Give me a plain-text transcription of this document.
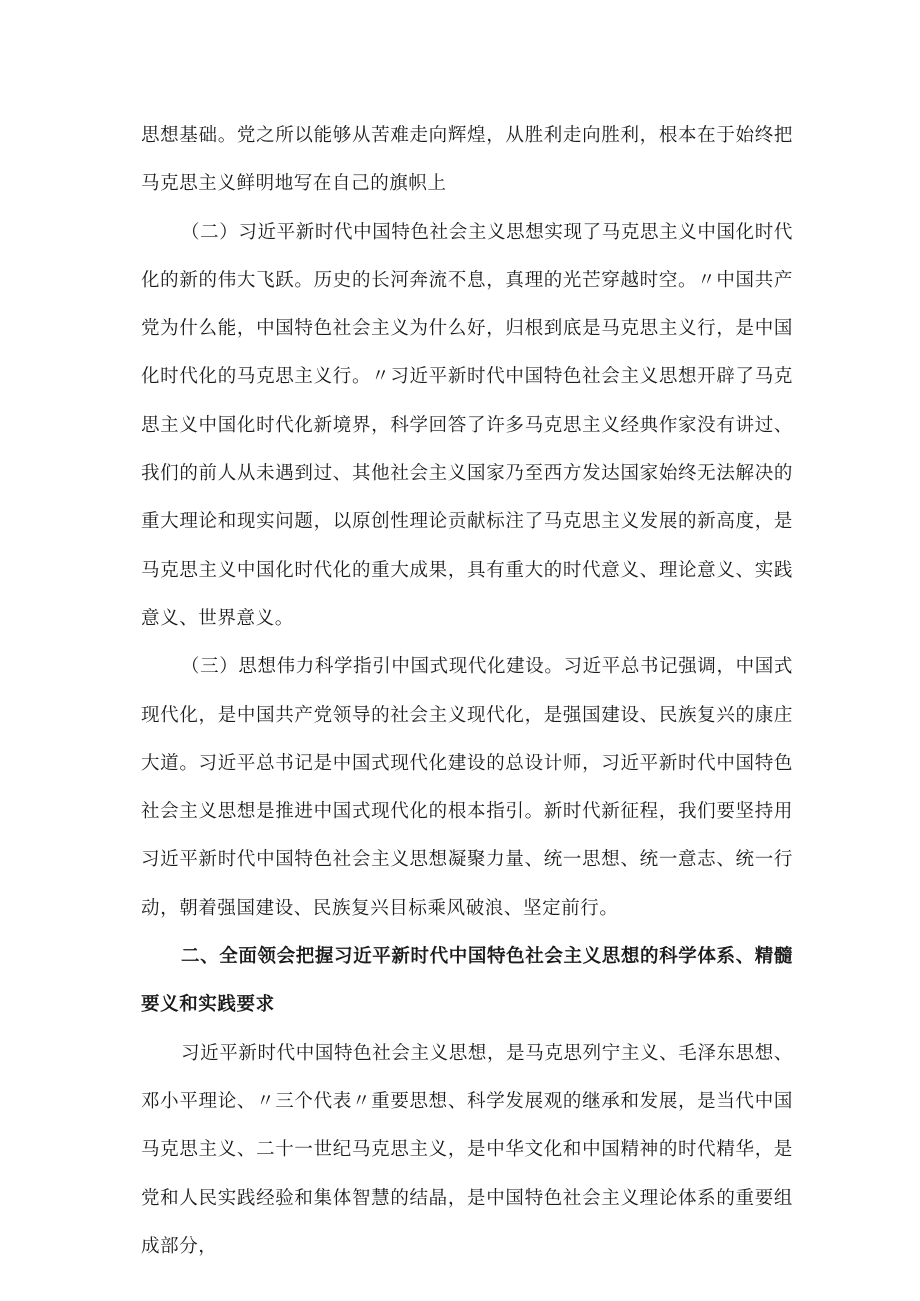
思想基础。党之所以能够从苦难走向辉煌，从胜利走向胜利，根本在于始终把马克思主义鲜明地写在自己的旗帜上

（二）习近平新时代中国特色社会主义思想实现了马克思主义中国化时代化的新的伟大飞跃。历史的长河奔流不息，真理的光芒穿越时空。〃中国共产党为什么能，中国特色社会主义为什么好，归根到底是马克思主义行，是中国化时代化的马克思主义行。〃习近平新时代中国特色社会主义思想开辟了马克思主义中国化时代化新境界，科学回答了许多马克思主义经典作家没有讲过、我们的前人从未遇到过、其他社会主义国家乃至西方发达国家始终无法解决的重大理论和现实问题，以原创性理论贡献标注了马克思主义发展的新高度，是马克思主义中国化时代化的重大成果，具有重大的时代意义、理论意义、实践意义、世界意义。

（三）思想伟力科学指引中国式现代化建设。习近平总书记强调，中国式现代化，是中国共产党领导的社会主义现代化，是强国建设、民族复兴的康庄大道。习近平总书记是中国式现代化建设的总设计师，习近平新时代中国特色社会主义思想是推进中国式现代化的根本指引。新时代新征程，我们要坚持用习近平新时代中国特色社会主义思想凝聚力量、统一思想、统一意志、统一行动，朝着强国建设、民族复兴目标乘风破浪、坚定前行。

二、全面领会把握习近平新时代中国特色社会主义思想的科学体系、精髓要义和实践要求

习近平新时代中国特色社会主义思想，是马克思列宁主义、毛泽东思想、邓小平理论、〃三个代表〃重要思想、科学发展观的继承和发展，是当代中国马克思主义、二十一世纪马克思主义，是中华文化和中国精神的时代精华，是党和人民实践经验和集体智慧的结晶，是中国特色社会主义理论体系的重要组成部分，
